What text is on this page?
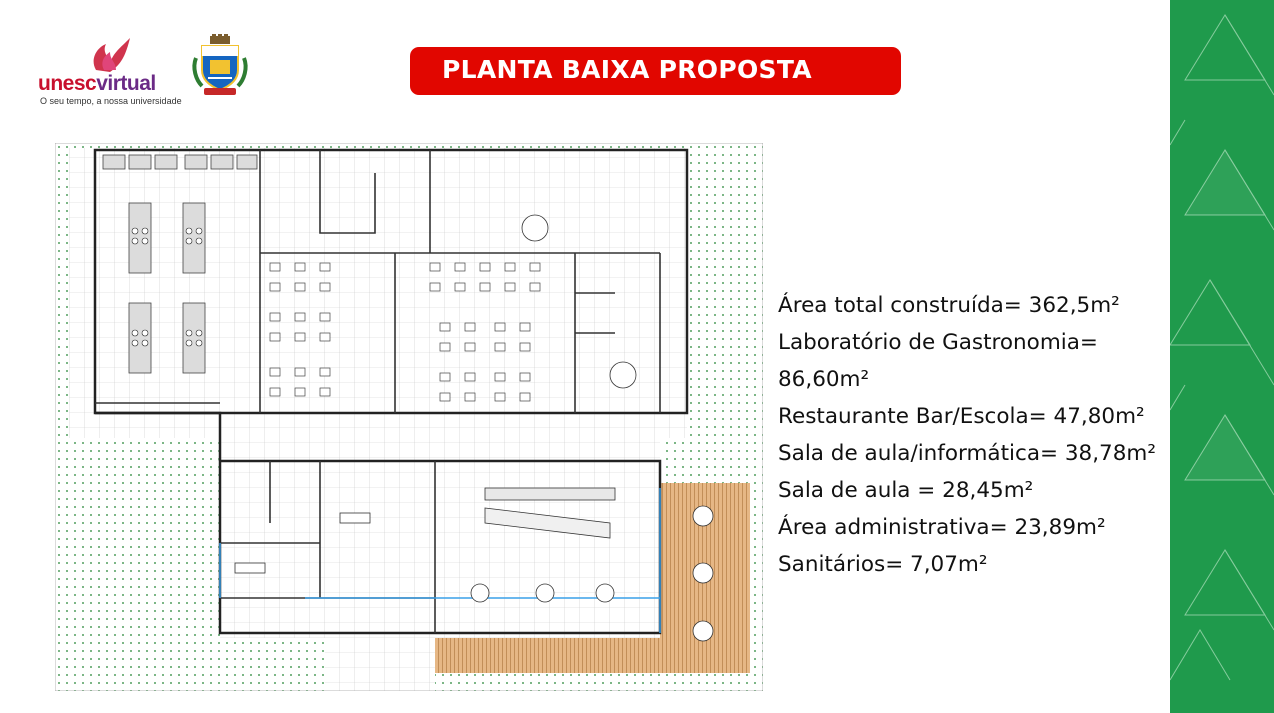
unescvirtual
O seu tempo, a nossa universidade
PLANTA BAIXA PROPOSTA
Área total construída= 362,5m²
Laboratório de Gastronomia=
86,60m²
Restaurante Bar/Escola= 47,80m²
Sala de aula/informática= 38,78m²
Sala de aula = 28,45m²
Área administrativa= 23,89m²
Sanitários= 7,07m²
